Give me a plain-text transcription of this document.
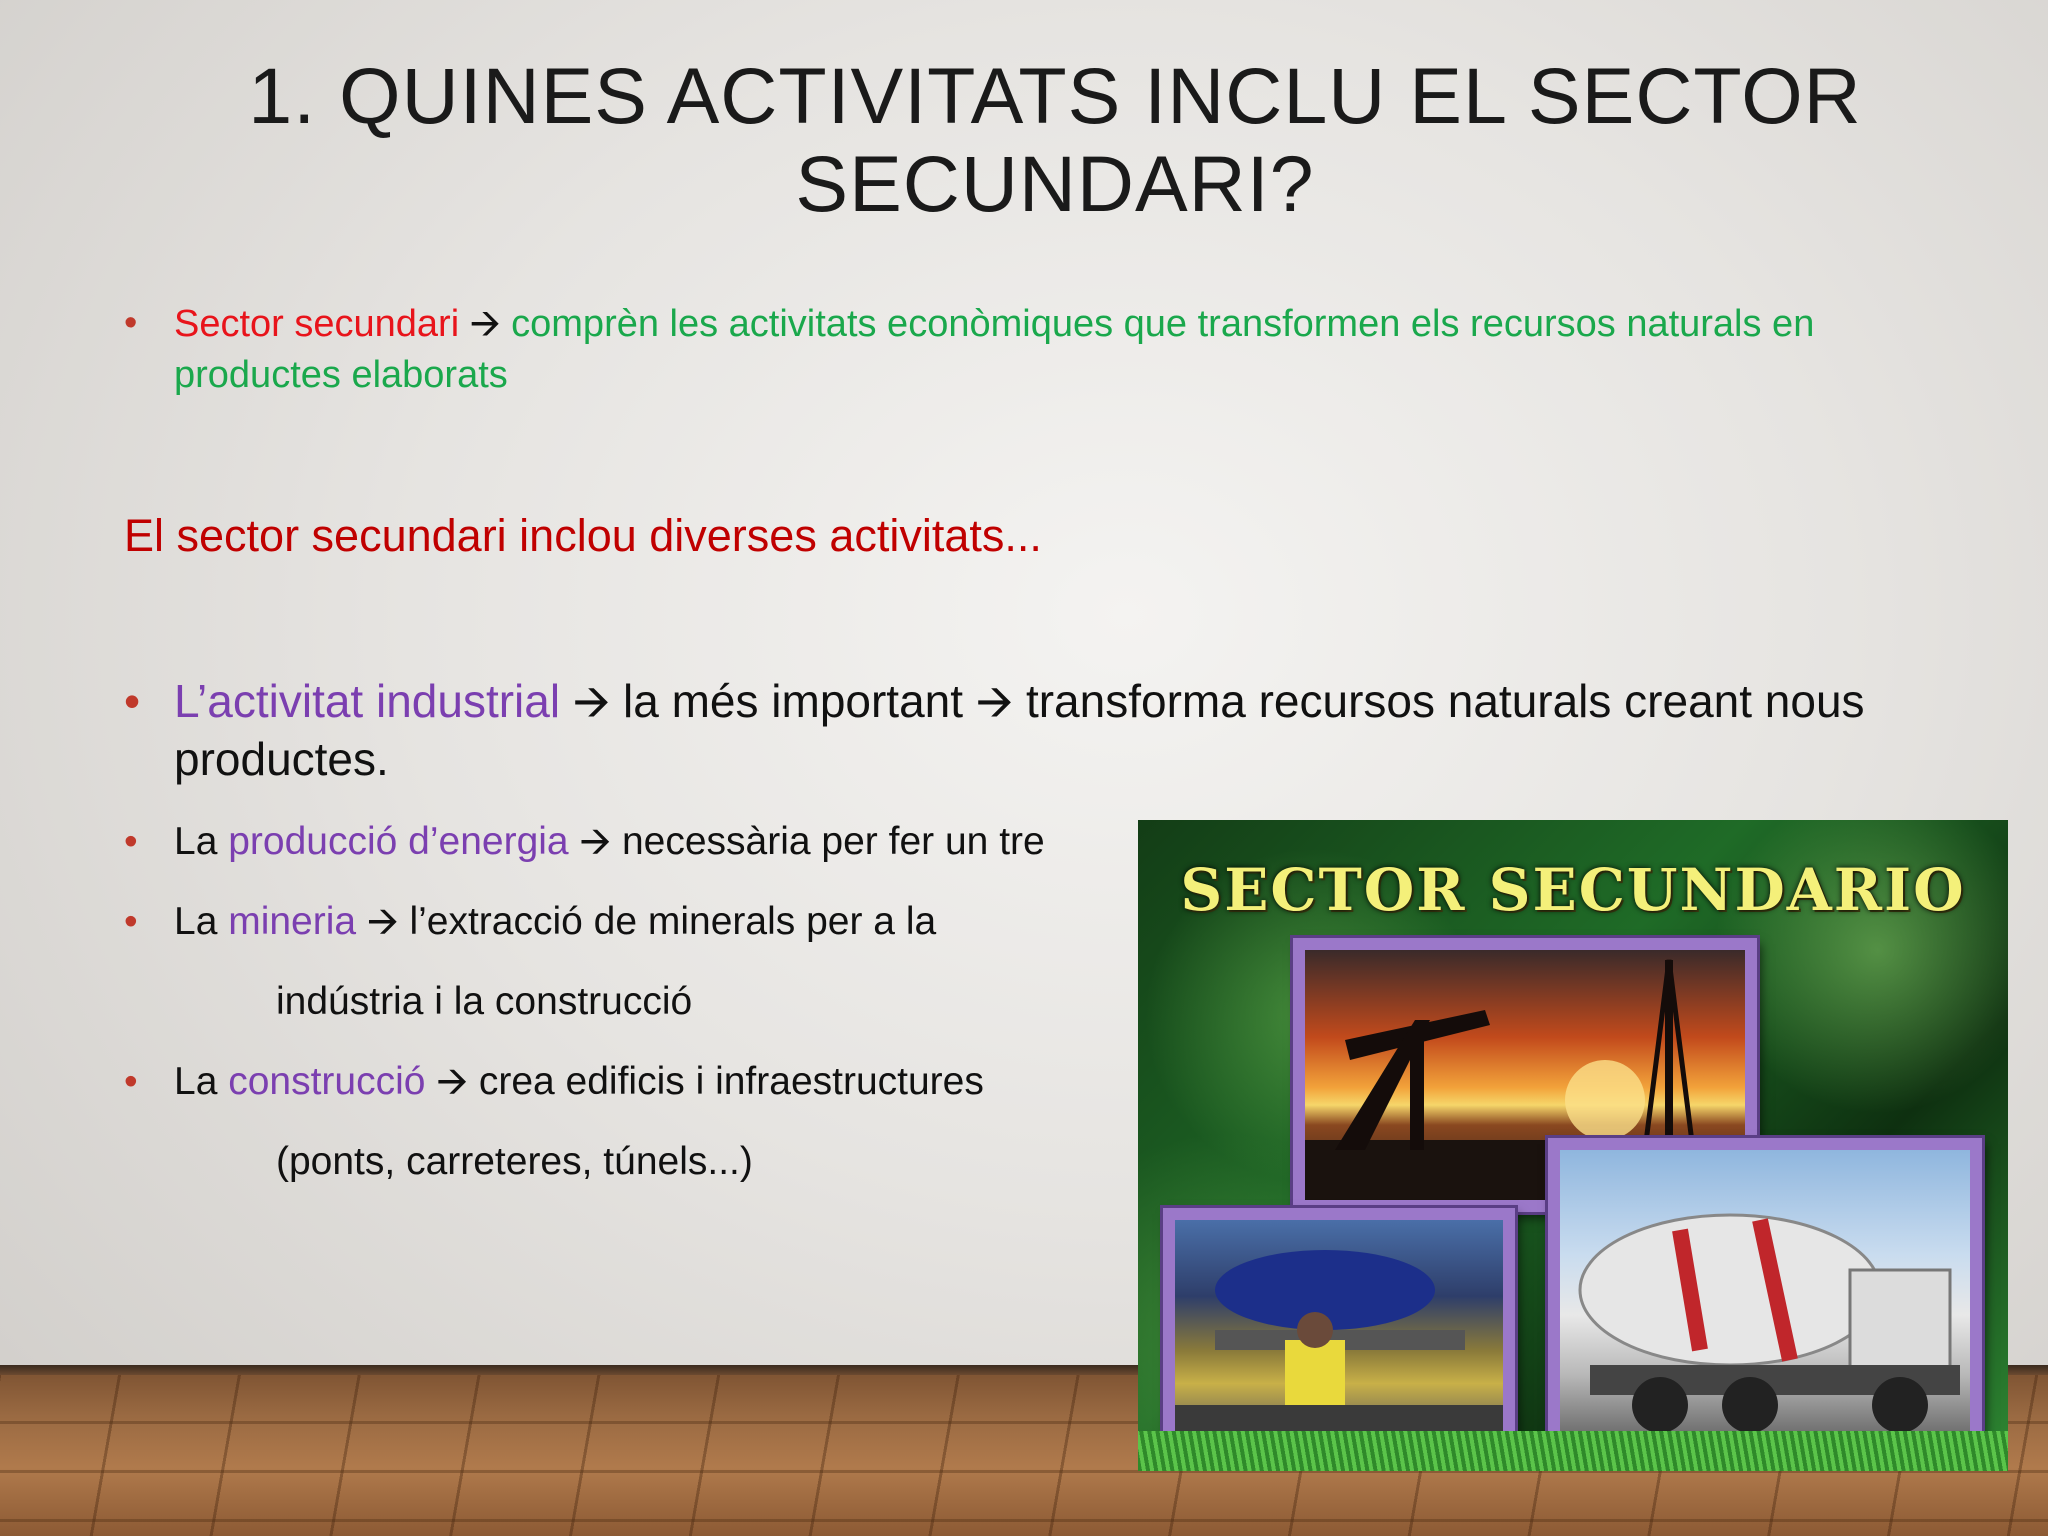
1. QUINES ACTIVITATS INCLU EL SECTOR SECUNDARI?
• Sector secundari 🡪 comprèn les activitats econòmiques que transformen els recursos naturals en productes elaborats
El sector secundari inclou diverses activitats...
• L’activitat industrial 🡪 la més important 🡪 transforma recursos naturals creant nous productes.
• La producció d’energia 🡪 necessària per fer un tre
• La mineria 🡪 l’extracció de minerals per a la
indústria i la construcció
• La construcció 🡪 crea edificis i infraestructures
(ponts, carreteres, túnels...)
SECTOR SECUNDARIO
